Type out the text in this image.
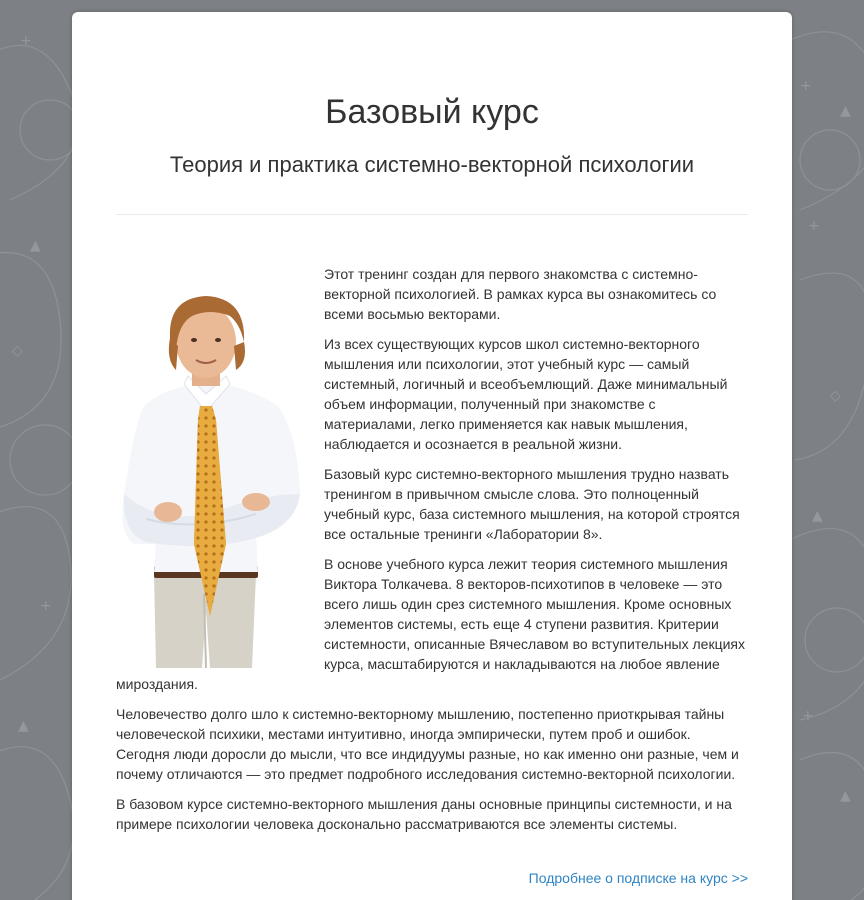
+
▲
◇
+
▲
+
▲
+
◇
▲
+
▲
Базовый курс
Теория и практика системно-векторной психологии

Этот тренинг создан для первого знакомства с системно-векторной психологией. В рамках курса вы ознакомитесь со всеми восьмью векторами.

Из всех существующих курсов школ системно-векторного мышления или психологии, этот учебный курс — самый системный, логичный и всеобъемлющий. Даже минимальный объем информации, полученный при знакомстве с материалами, легко применяется как навык мышления, наблюдается и осознается в реальной жизни.

Базовый курс системно-векторного мышления трудно назвать тренингом в привычном смысле слова. Это полноценный учебный курс, база системного мышления, на которой строятся все остальные тренинги «Лаборатории 8».

В основе учебного курса лежит теория системного мышления Виктора Толкачева. 8 векторов-психотипов в человеке — это всего лишь один срез системного мышления. Кроме основных элементов системы, есть еще 4 ступени развития. Критерии системности, описанные Вячеславом во вступительных лекциях курса, масштабируются и накладываются на любое явление мироздания.

Человечество долго шло к системно-векторному мышлению, постепенно приоткрывая тайны человеческой психики, местами интуитивно, иногда эмпирически, путем проб и ошибок. Сегодня люди доросли до мысли, что все индидуумы разные, но как именно они разные, чем и почему отличаются — это предмет подробного исследования системно-векторной психологии.

В базовом курсе системно-векторного мышления даны основные принципы системности, и на примере психологии человека досконально рассматриваются все элементы системы.

Подробнее о подписке на курс >>
